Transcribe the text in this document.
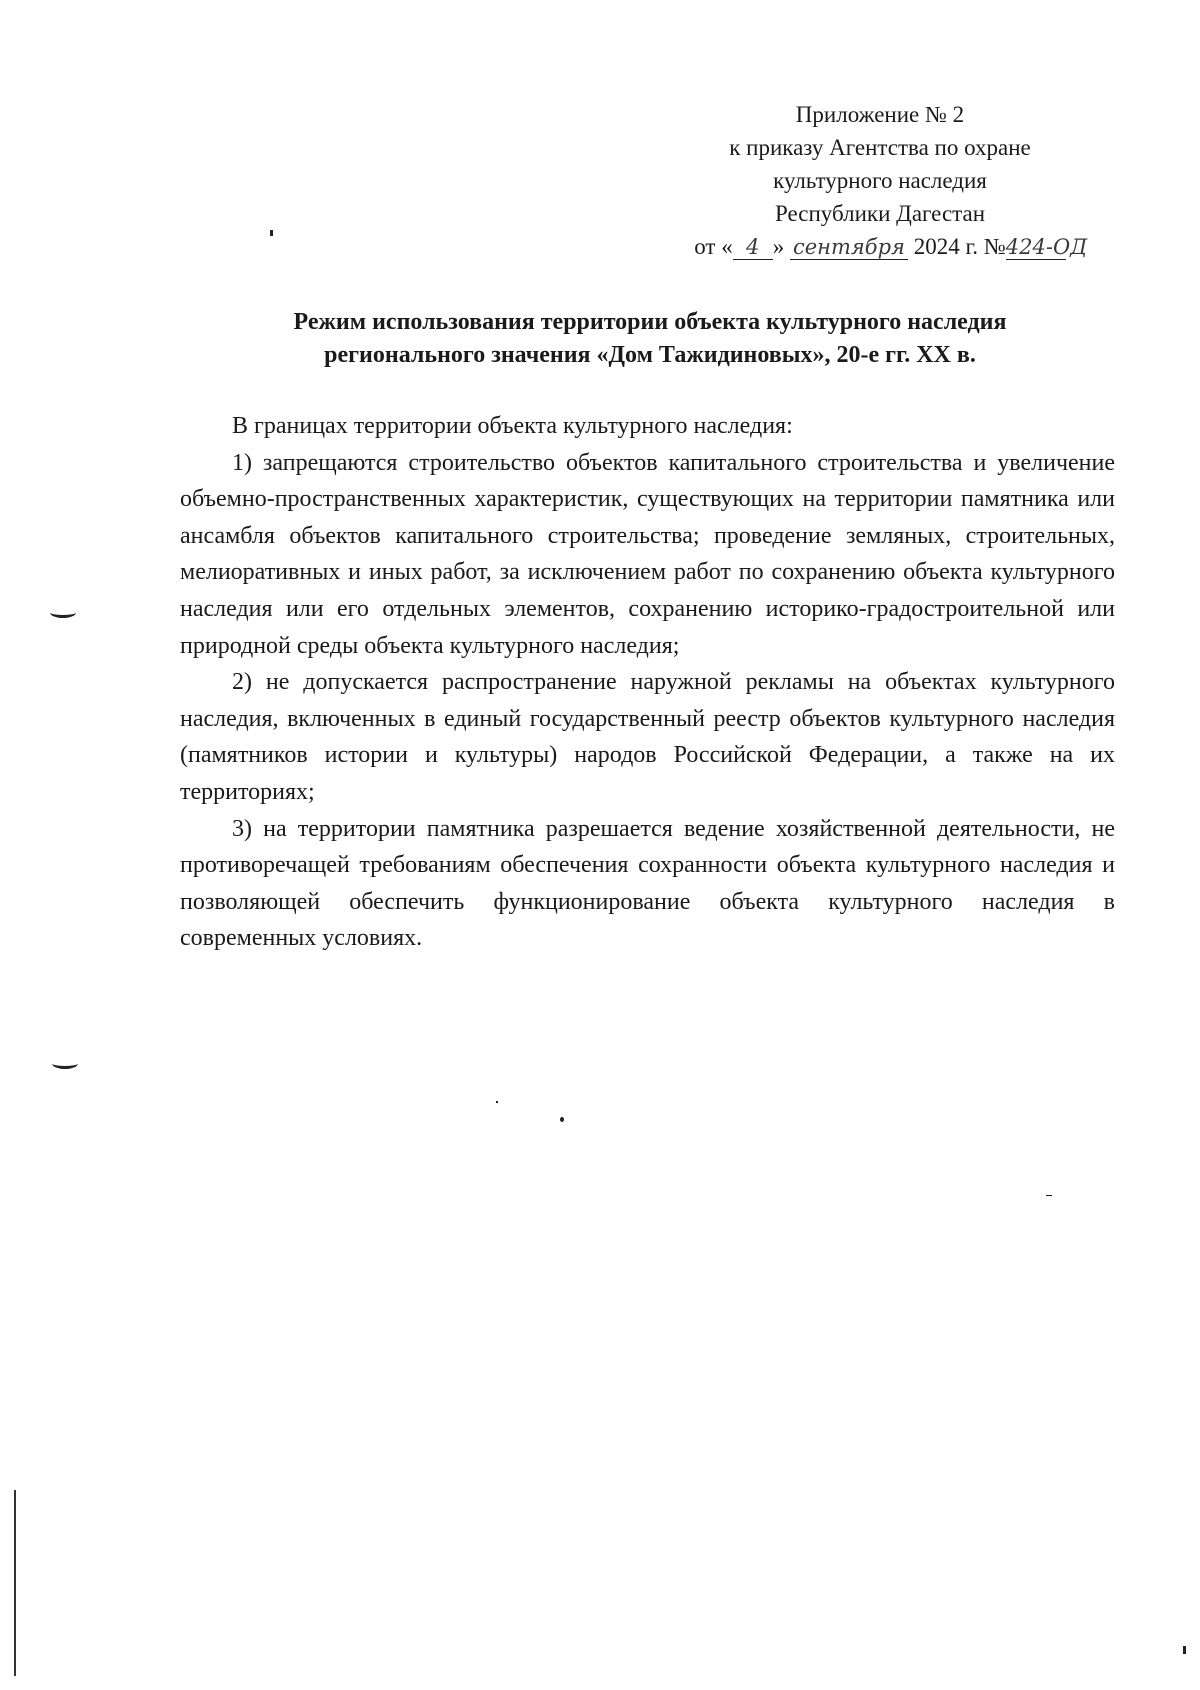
Приложение № 2
к приказу Агентства по охране
культурного наследия
Республики Дагестан
от « 4 » сентября 2024 г. №424-ОД
Режим использования территории объекта культурного наследия
регионального значения «Дом Тажидиновых», 20-е гг. XX в.

В границах территории объекта культурного наследия:

1) запрещаются строительство объектов капитального строительства и увеличение объемно-пространственных характеристик, существующих на территории памятника или ансамбля объектов капитального строительства; проведение земляных, строительных, мелиоративных и иных работ, за исключением работ по сохранению объекта культурного наследия или его отдельных элементов, сохранению историко-градостроительной или природной среды объекта культурного наследия;

2) не допускается распространение наружной рекламы на объектах культурного наследия, включенных в единый государственный реестр объектов культурного наследия (памятников истории и культуры) народов Российской Федерации, а также на их территориях;

3) на территории памятника разрешается ведение хозяйственной деятельности, не противоречащей требованиям обеспечения сохранности объекта культурного наследия и позволяющей обеспечить функционирование объекта культурного наследия в современных условиях.
